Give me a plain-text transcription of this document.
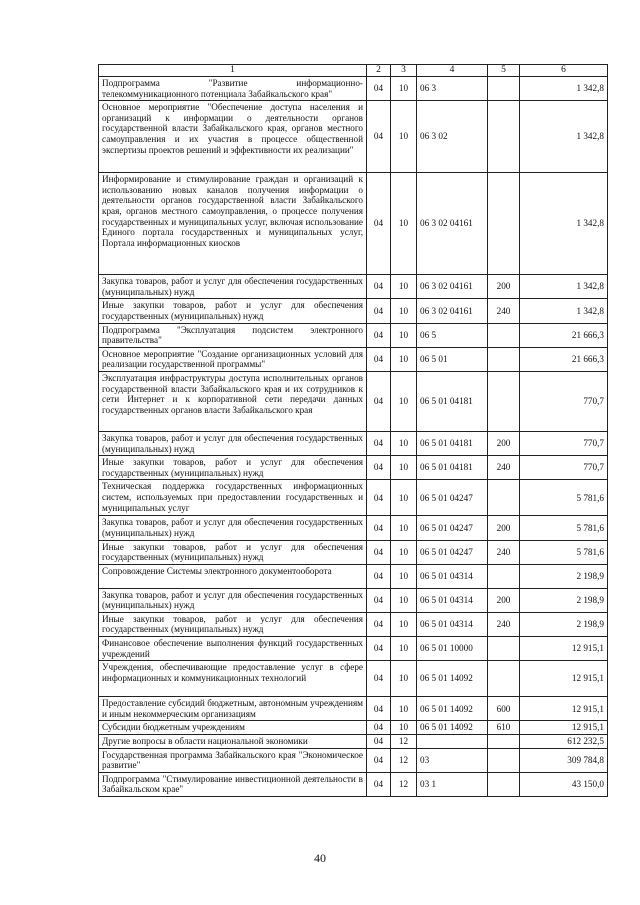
1	2	3	4	5	6
Подпрограмма "Развитие информационно-телекоммуникационного потенциала Забайкальского края"	04	10	06 3		1 342,8
Основное мероприятие "Обеспечение доступа населения и организаций к информации о деятельности органов государственной власти Забайкальского края, органов местного самоуправления и их участия в процессе общественной экспертизы проектов решений и эффективности их реализации"	04	10	06 3 02		1 342,8
Информирование и стимулирование граждан и организаций к использованию новых каналов получения информации о деятельности органов государственной власти Забайкальского края, органов местного самоуправления, о процессе получения государственных и муниципальных услуг, включая использование Единого портала государственных и муниципальных услуг, Портала информационных киосков	04	10	06 3 02 04161		1 342,8
Закупка товаров, работ и услуг для обеспечения государственных (муниципальных) нужд	04	10	06 3 02 04161	200	1 342,8
Иные закупки товаров, работ и услуг для обеспечения государственных (муниципальных) нужд	04	10	06 3 02 04161	240	1 342,8
Подпрограмма "Эксплуатация подсистем электронного правительства"	04	10	06 5		21 666,3
Основное мероприятие "Создание организационных условий для реализации государственной программы"	04	10	06 5 01		21 666,3
Эксплуатация инфраструктуры доступа исполнительных органов государственной власти Забайкальского края и их сотрудников к сети Интернет и к корпоративной сети передачи данных государственных органов власти Забайкальского края	04	10	06 5 01 04181		770,7
Закупка товаров, работ и услуг для обеспечения государственных (муниципальных) нужд	04	10	06 5 01 04181	200	770,7
Иные закупки товаров, работ и услуг для обеспечения государственных (муниципальных) нужд	04	10	06 5 01 04181	240	770,7
Техническая поддержка государственных информационных систем, используемых при предоставлении государственных и муниципальных услуг	04	10	06 5 01 04247		5 781,6
Закупка товаров, работ и услуг для обеспечения государственных (муниципальных) нужд	04	10	06 5 01 04247	200	5 781,6
Иные закупки товаров, работ и услуг для обеспечения государственных (муниципальных) нужд	04	10	06 5 01 04247	240	5 781,6
Сопровождение Системы электронного документооборота	04	10	06 5 01 04314		2 198,9
Закупка товаров, работ и услуг для обеспечения государственных (муниципальных) нужд	04	10	06 5 01 04314	200	2 198,9
Иные закупки товаров, работ и услуг для обеспечения государственных (муниципальных) нужд	04	10	06 5 01 04314	240	2 198,9
Финансовое обеспечение выполнения функций государственных учреждений	04	10	06 5 01 10000		12 915,1
Учреждения, обеспечивающие предоставление услуг в сфере информационных и коммуникационных технологий	04	10	06 5 01 14092		12 915,1
Предоставление субсидий бюджетным, автономным учреждениям и иным некоммерческим организациям	04	10	06 5 01 14092	600	12 915,1
Субсидии бюджетным учреждениям	04	10	06 5 01 14092	610	12 915,1
Другие вопросы в области национальной экономики	04	12			612 232,5
Государственная программа Забайкальского края "Экономическое развитие"	04	12	03		309 784,8
Подпрограмма "Стимулирование инвестиционной деятельности в Забайкальском крае"	04	12	03 1		43 150,0
40
